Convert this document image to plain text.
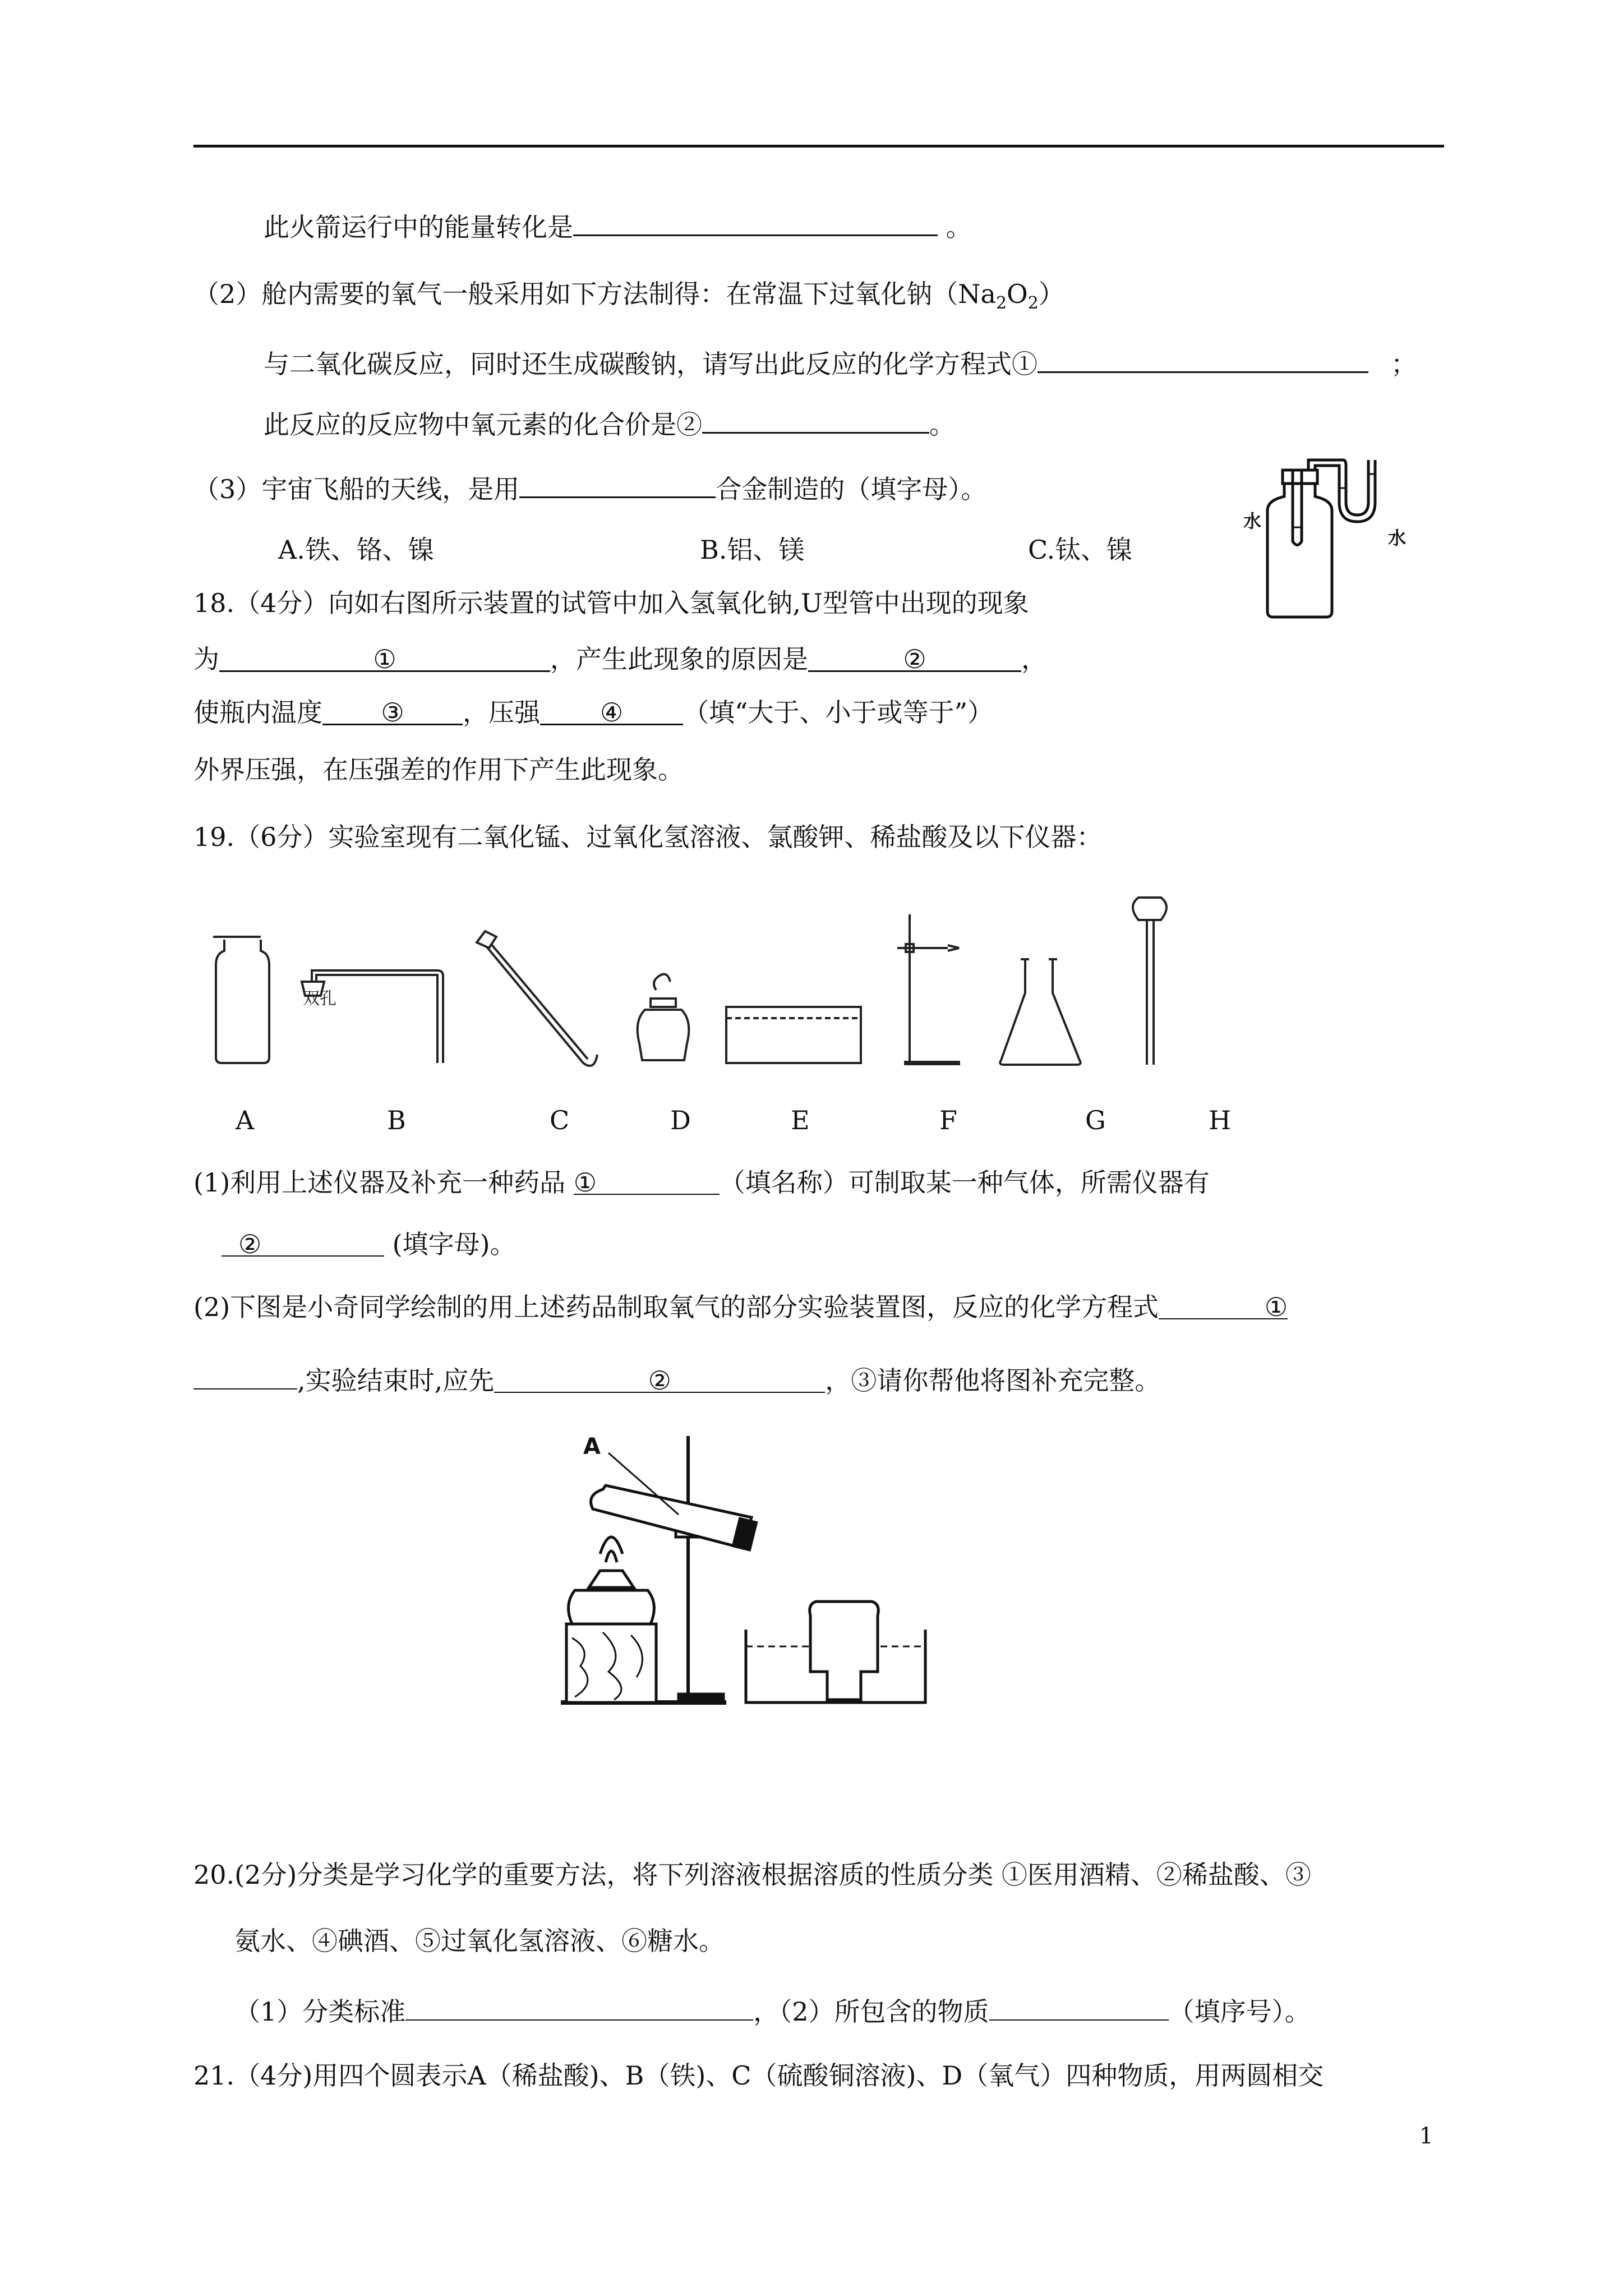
此火箭运行中的能量转化是	。
（2）舱内需要的氧气一般采用如下方法制得：在常温下过氧化钠$(Na_2O_2)$
与二氧化碳反应，同时还生成碳酸钠，请写出此反应的化学方程式①	；
此反应的反应物中氧元素的化合价是②	。
（3）宇宙飞船的天线，是用	合金制造的（填字母）。
A.铁、铬、镍	B.铝、镁	C.钛、镍
18.（4分）向如右图所示装置的试管中加入氢氧化钠,U型管中出现的现象
为	①	，产生此现象的原因是	②	，
使瓶内温度 ③ ，压强 ④ （填“大于、小于或等于”）
外界压强，在压强差的作用下产生此现象。
水
水
19.（6分）实验室现有二氧化锰、过氧化氢溶液、氯酸钾、稀盐酸及以下仪器：
双孔
A	B	C	D	E	F	G	H
(1)利用上述仪器及补充一种药品 ①	（填名称）可制取某一种气体，所需仪器有
②	(填字母)。
(2)下图是小奇同学绘制的用上述药品制取氧气的部分实验装置图，反应的化学方程式	①
,实验结束时,应先	②	，③请你帮他将图补充完整。
A
20.(2分)分类是学习化学的重要方法，将下列溶液根据溶质的性质分类 ①医用酒精、②稀盐酸、③
氨水、④碘酒、⑤过氧化氢溶液、⑥糖水。
（1）分类标准	，（2）所包含的物质	（填序号）。
21.（4分)用四个圆表示A（稀盐酸)、B（铁)、C（硫酸铜溶液)、D（氧气）四种物质，用两圆相交
1
